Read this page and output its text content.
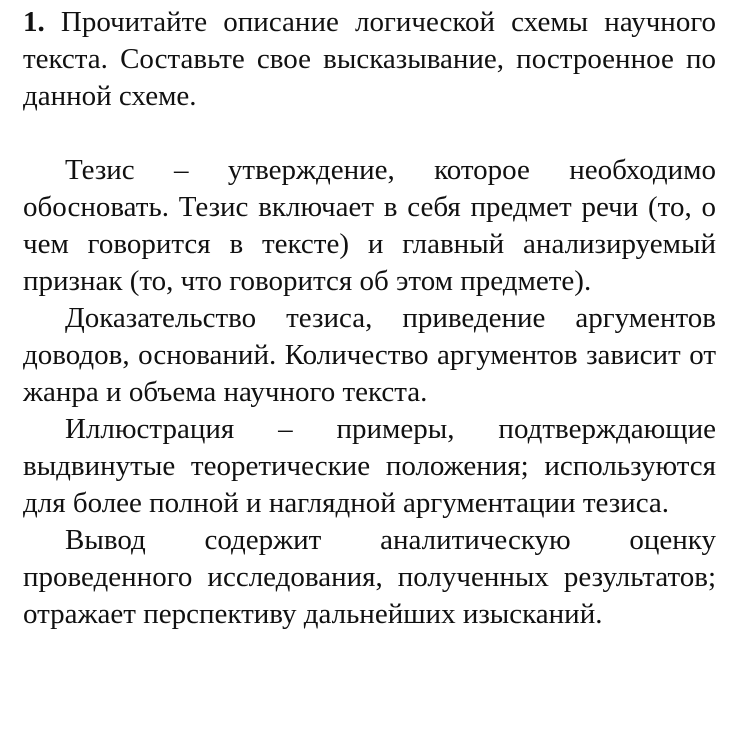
1. Прочитайте описание логической схемы научного текста. Составьте свое высказывание, построенное по данной схеме.

Тезис – утверждение, которое необходимо обосновать. Тезис включает в себя предмет речи (то, о чем говорится в тексте) и главный анализируемый признак (то, что говорится об этом предмете).

Доказательство тезиса, приведение аргументов доводов, оснований. Количество аргументов зависит от жанра и объема научного текста.

Иллюстрация – примеры, подтверждающие выдвинутые теоретические положения; используются для более полной и наглядной аргументации тезиса.

Вывод содержит аналитическую оценку проведенного исследования, полученных результатов; отражает перспективу дальнейших изысканий.
